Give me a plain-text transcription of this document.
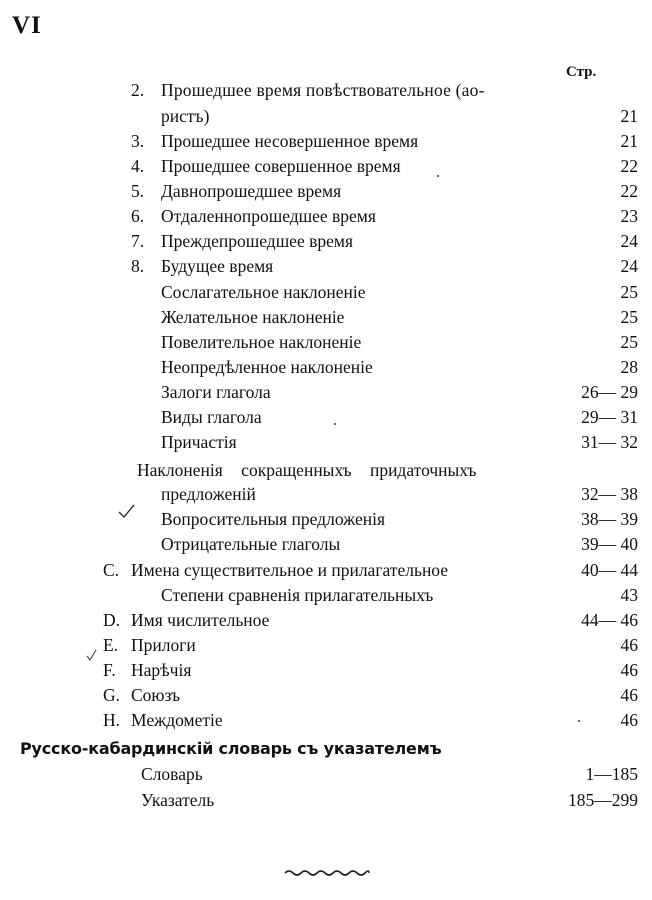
VI
Стр.
2. Прошедшее время повѣствовательное (ао-
ристъ)	21
3. Прошедшее несовершенное время	21
4. Прошедшее совершенное время	22
5. Давнопрошедшее время	22
6. Отдаленнопрошедшее время	23
7. Преждепрошедшее время	24
8. Будущее время	24
Сослагательное наклоненіе	25
Желательное наклоненіе	25
Повелительное наклоненіе	25
Неопредѣленное наклоненіе	28
Залоги глагола	26— 29
Виды глагола	29— 31
Причастія	31— 32
Наклоненія сокращенныхъ придаточныхъ
предложеній	32— 38
Вопросительныя предложенія	38— 39
Отрицательные глаголы	39— 40
C. Имена существительное и прилагательное	40— 44
Степени сравненія прилагательныхъ	43
D. Имя числительное	44— 46
E. Прилоги	46
F. Нарѣчія	46
G. Союзъ	46
H. Междометіе	46
Русско-кабардинскій словарь съ указателемъ
Словарь	1—185
Указатель	185—299
